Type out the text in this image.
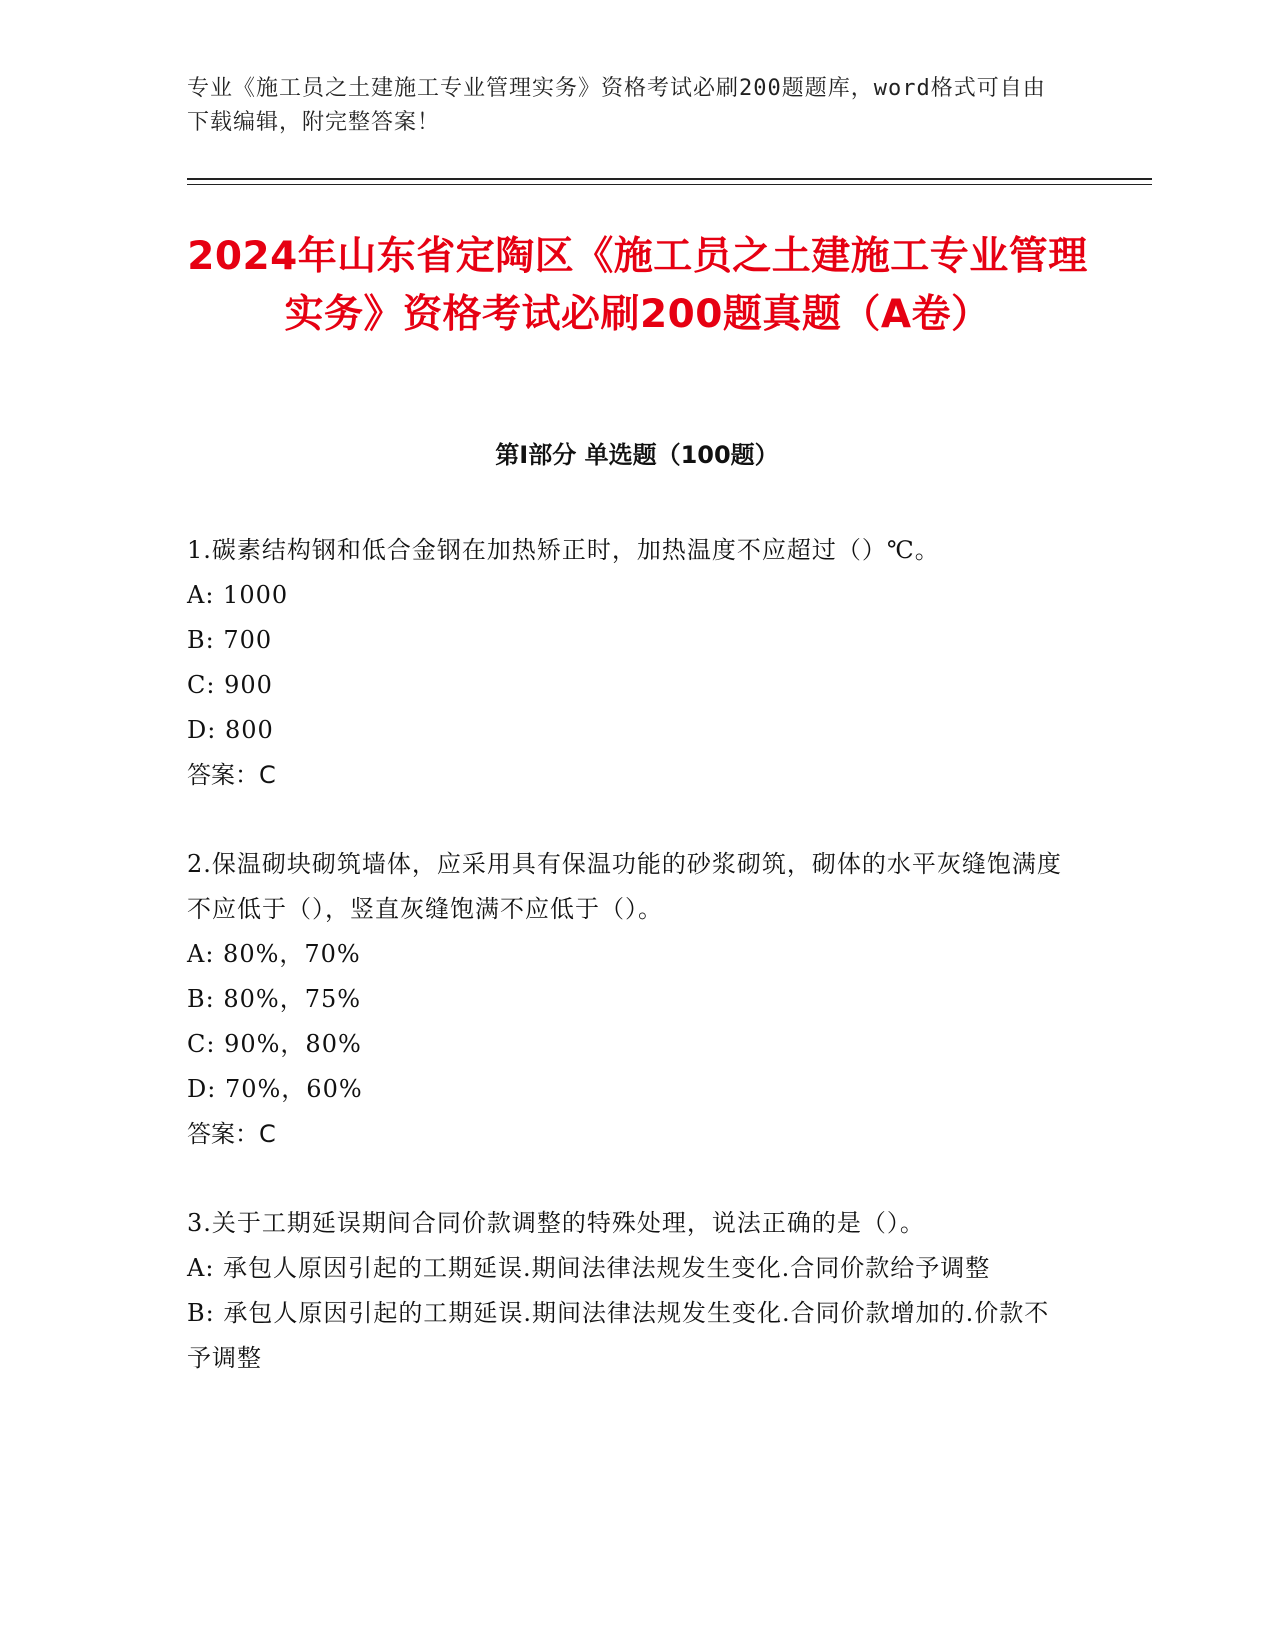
专业《施工员之土建施工专业管理实务》资格考试必刷200题题库，word格式可自由下载编辑，附完整答案！
2024年山东省定陶区《施工员之土建施工专业管理实务》资格考试必刷200题真题（A卷）
第Ⅰ部分 单选题（100题）
1.碳素结构钢和低合金钢在加热矫正时，加热温度不应超过（）℃。
A: 1000
B: 700
C: 900
D: 800
答案：C
2.保温砌块砌筑墙体，应采用具有保温功能的砂浆砌筑，砌体的水平灰缝饱满度不应低于（），竖直灰缝饱满不应低于（）。
A: 80%，70%
B: 80%，75%
C: 90%，80%
D: 70%，60%
答案：C
3.关于工期延误期间合同价款调整的特殊处理，说法正确的是（）。
A: 承包人原因引起的工期延误.期间法律法规发生变化.合同价款给予调整
B: 承包人原因引起的工期延误.期间法律法规发生变化.合同价款增加的.价款不予调整
